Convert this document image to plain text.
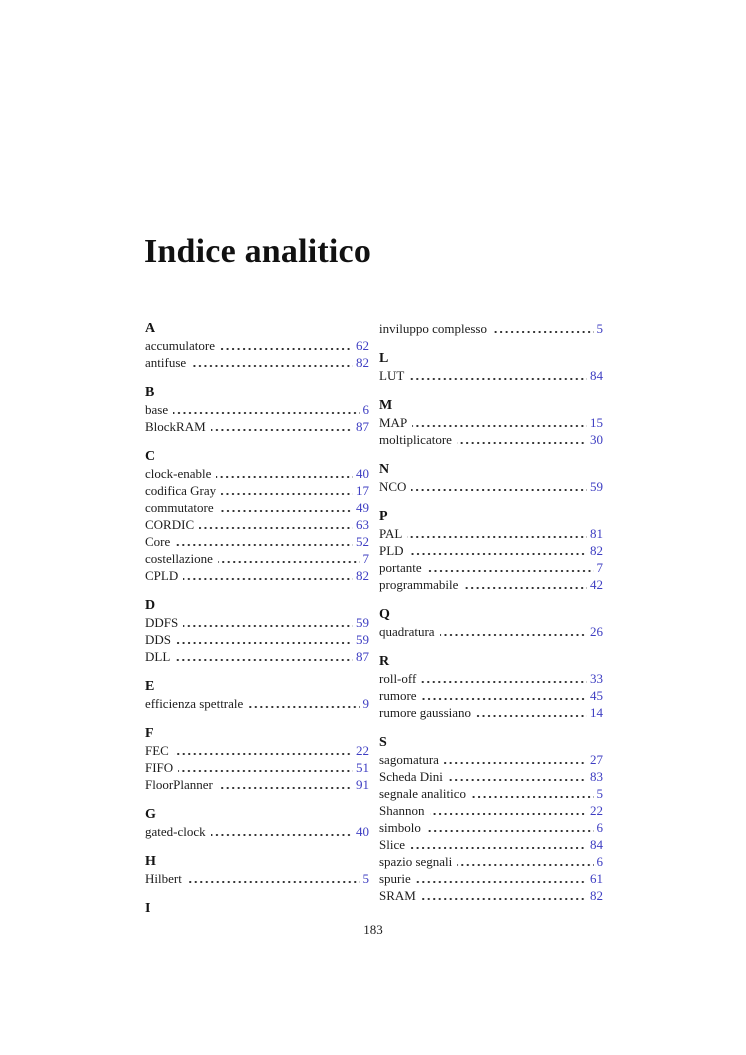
Indice analitico
A
accumulatore	62
antifuse	82
B
base	6
BlockRAM	87
C
clock-enable	40
codifica Gray	17
commutatore	49
CORDIC	63
Core	52
costellazione	7
CPLD	82
D
DDFS	59
DDS	59
DLL	87
E
efficienza spettrale	9
F
FEC	22
FIFO	51
FloorPlanner	91
G
gated-clock	40
H
Hilbert	5
I
inviluppo complesso	5
L
LUT	84
M
MAP	15
moltiplicatore	30
N
NCO	59
P
PAL	81
PLD	82
portante	7
programmabile	42
Q
quadratura	26
R
roll-off	33
rumore	45
rumore gaussiano	14
S
sagomatura	27
Scheda Dini	83
segnale analitico	5
Shannon	22
simbolo	6
Slice	84
spazio segnali	6
spurie	61
SRAM	82
183
